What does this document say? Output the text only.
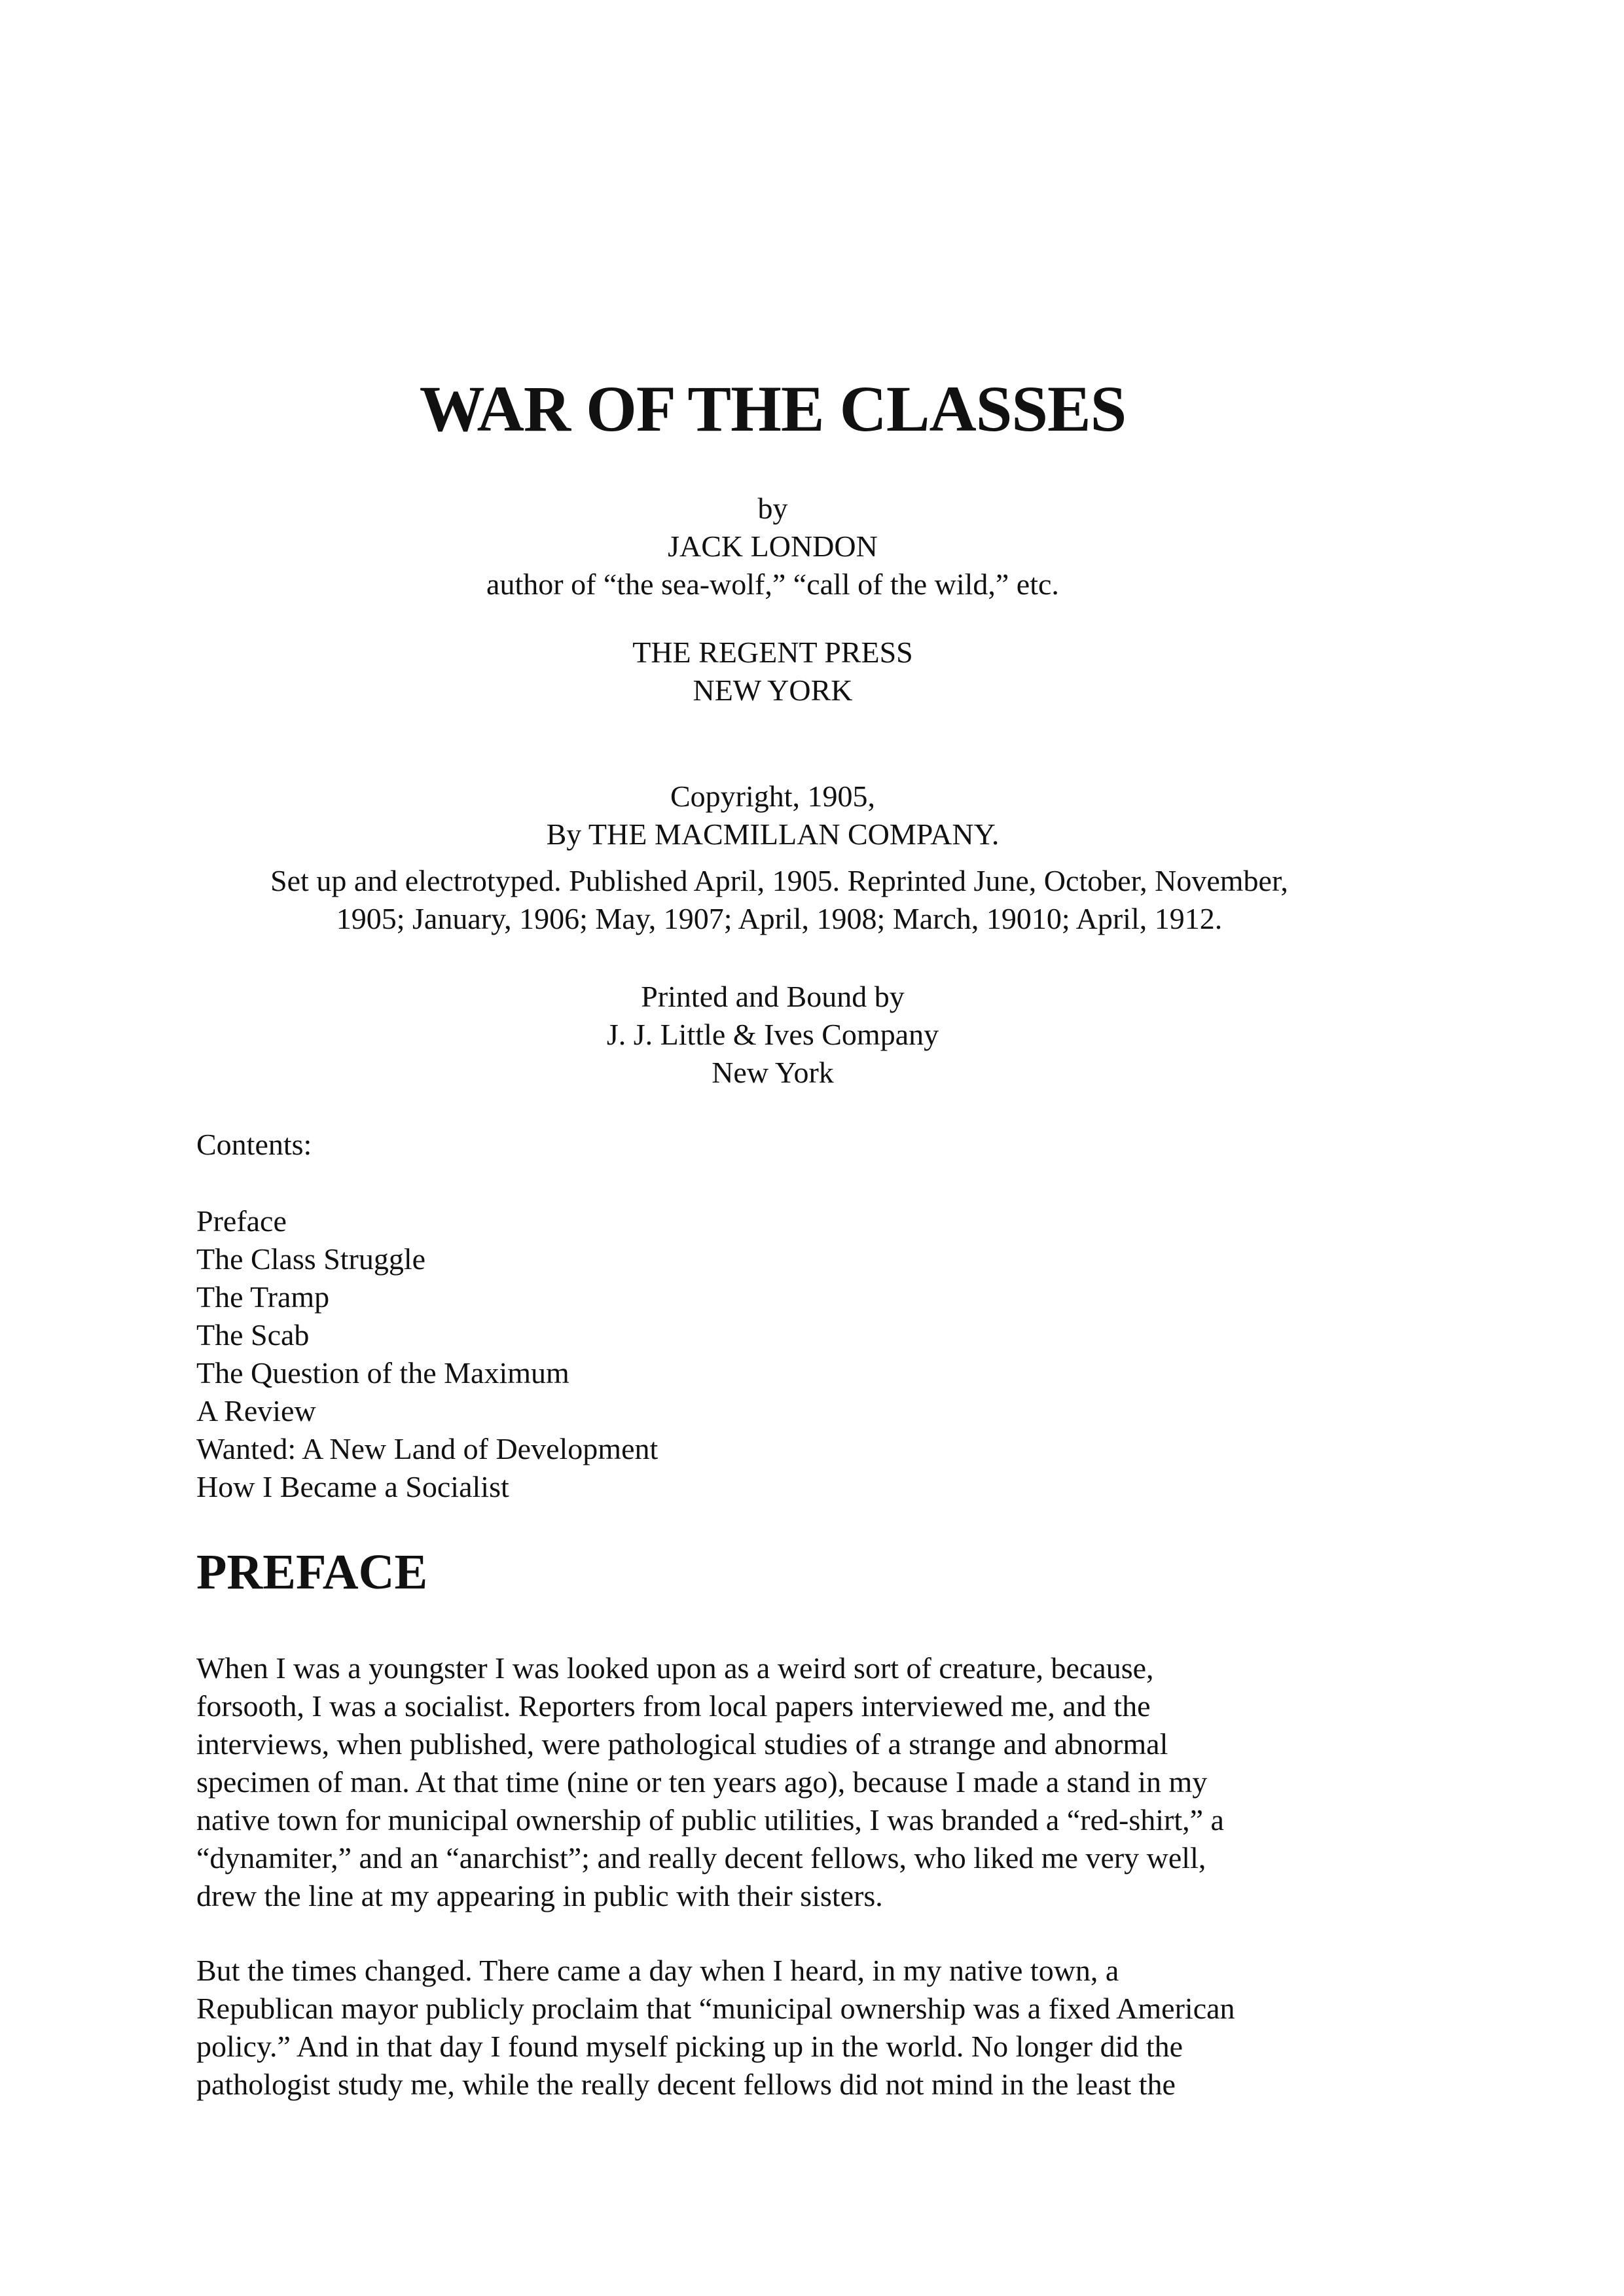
WAR OF THE CLASSES
by
JACK LONDON
author of “the sea-wolf,” “call of the wild,” etc.
THE REGENT PRESS
NEW YORK
Copyright, 1905,
By THE MACMILLAN COMPANY.
Set up and electrotyped. Published April, 1905. Reprinted June, October, November,
1905; January, 1906; May, 1907; April, 1908; March, 19010; April, 1912.
Printed and Bound by
J. J. Little & Ives Company
New York
Contents:
Preface
The Class Struggle
The Tramp
The Scab
The Question of the Maximum
A Review
Wanted: A New Land of Development
How I Became a Socialist
PREFACE
When I was a youngster I was looked upon as a weird sort of creature, because,
forsooth, I was a socialist. Reporters from local papers interviewed me, and the
interviews, when published, were pathological studies of a strange and abnormal
specimen of man. At that time (nine or ten years ago), because I made a stand in my
native town for municipal ownership of public utilities, I was branded a “red-shirt,” a
“dynamiter,” and an “anarchist”; and really decent fellows, who liked me very well,
drew the line at my appearing in public with their sisters.
But the times changed. There came a day when I heard, in my native town, a
Republican mayor publicly proclaim that “municipal ownership was a fixed American
policy.” And in that day I found myself picking up in the world. No longer did the
pathologist study me, while the really decent fellows did not mind in the least the
